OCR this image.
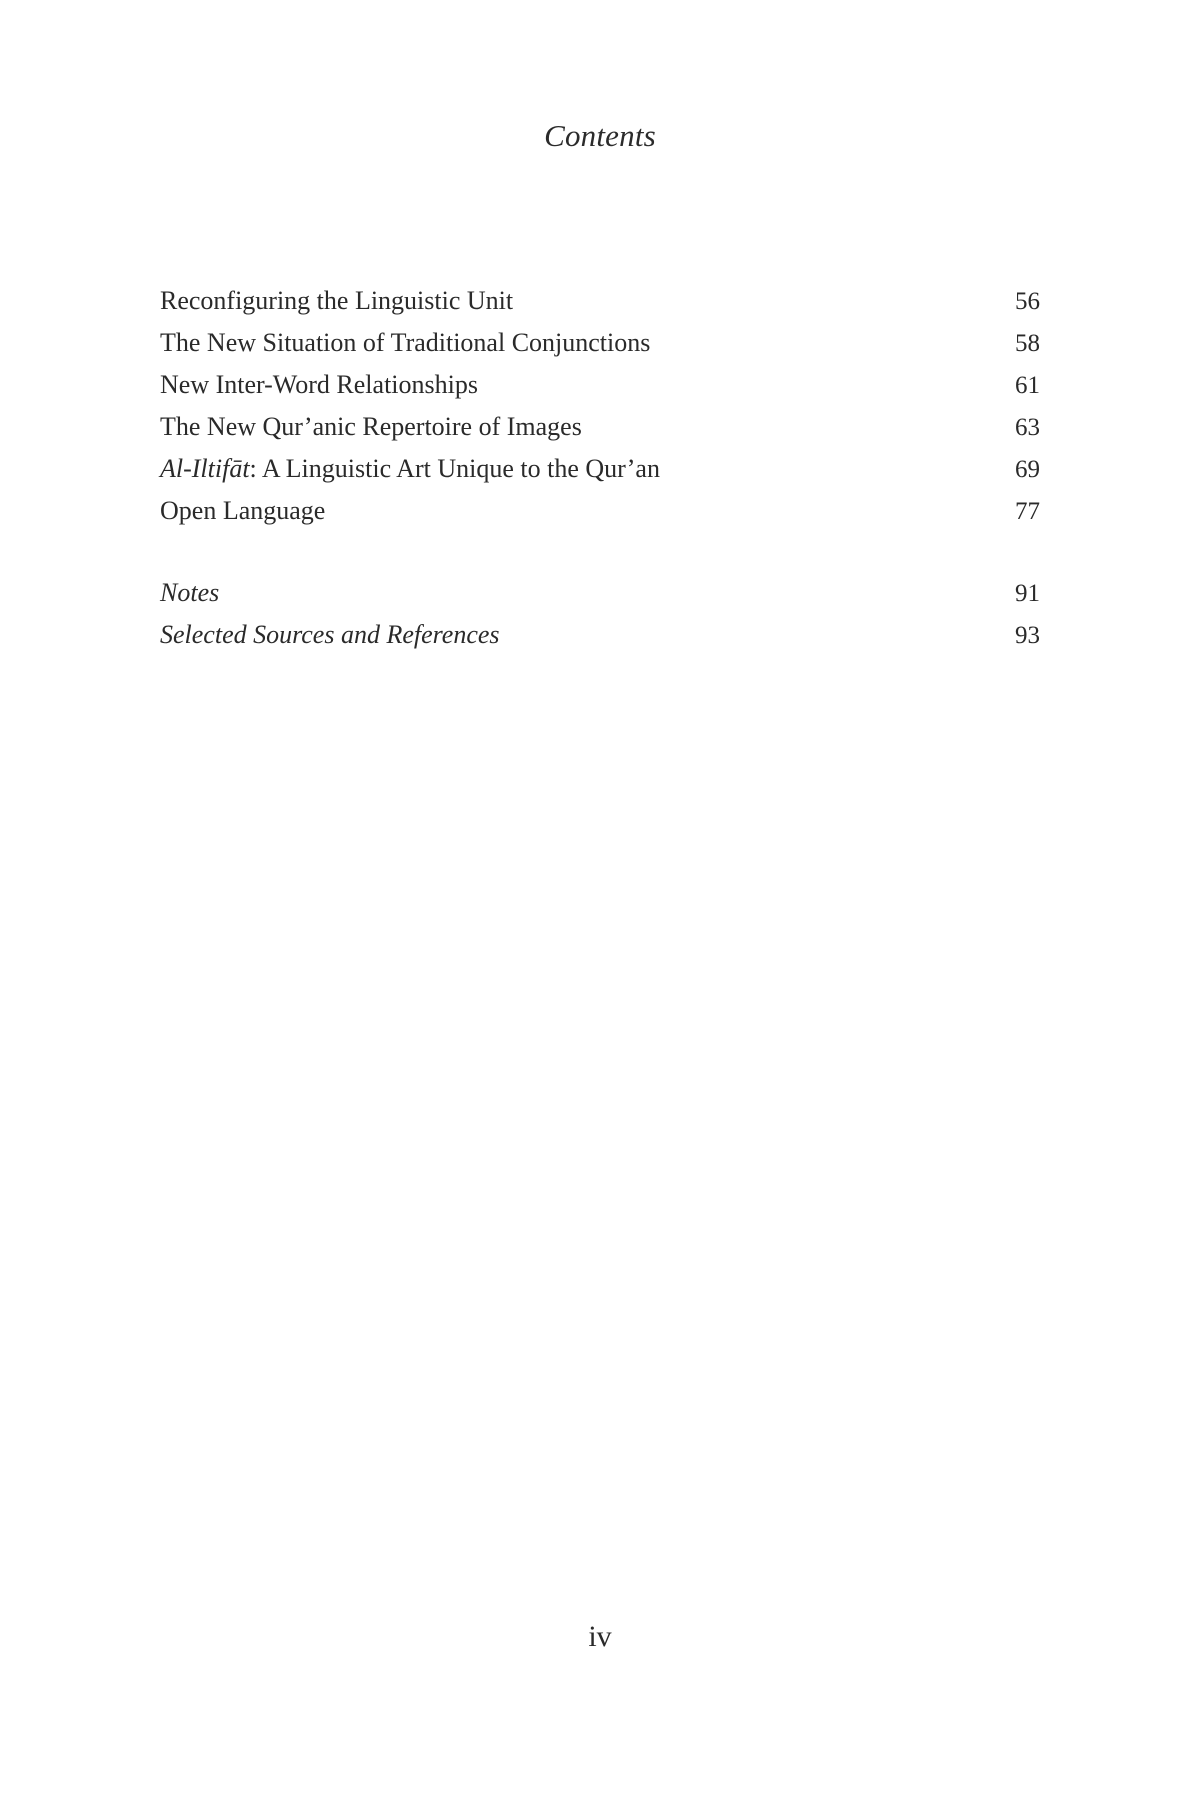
Contents
Reconfiguring the Linguistic Unit	56
The New Situation of Traditional Conjunctions	58
New Inter-Word Relationships	61
The New Qur’anic Repertoire of Images	63
Al-Iltifāt: A Linguistic Art Unique to the Qur’an	69
Open Language	77
Notes	91
Selected Sources and References	93
iv
